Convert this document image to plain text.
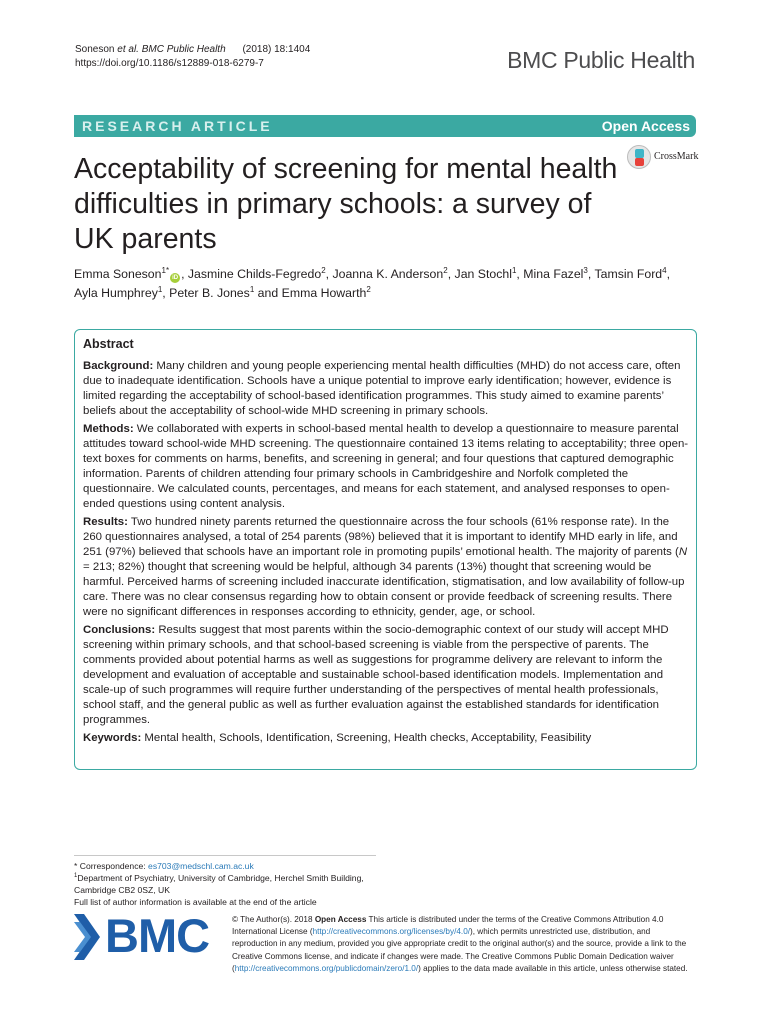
Soneson et al. BMC Public Health (2018) 18:1404
https://doi.org/10.1186/s12889-018-6279-7	BMC Public Health
RESEARCH ARTICLE	Open Access
Acceptability of screening for mental health difficulties in primary schools: a survey of UK parents
CrossMark
Emma Soneson$^{1*}$iD , Jasmine Childs-Fegredo$^2$, Joanna K. Anderson$^2$, Jan Stochl$^1$, Mina Fazel$^3$, Tamsin Ford$^4$, Ayla Humphrey$^1$, Peter B. Jones$^1$ and Emma Howarth$^2$
Abstract

Background: Many children and young people experiencing mental health difficulties (MHD) do not access care, often due to inadequate identification. Schools have a unique potential to improve early identification; however, evidence is limited regarding the acceptability of school-based identification programmes. This study aimed to examine parents’ beliefs about the acceptability of school-wide MHD screening in primary schools.

Methods: We collaborated with experts in school-based mental health to develop a questionnaire to measure parental attitudes toward school-wide MHD screening. The questionnaire contained 13 items relating to acceptability; three open-text boxes for comments on harms, benefits, and screening in general; and four questions that captured demographic information. Parents of children attending four primary schools in Cambridgeshire and Norfolk completed the questionnaire. We calculated counts, percentages, and means for each statement, and analysed responses to open-ended questions using content analysis.

Results: Two hundred ninety parents returned the questionnaire across the four schools (61% response rate). In the 260 questionnaires analysed, a total of 254 parents (98%) believed that it is important to identify MHD early in life, and 251 (97%) believed that schools have an important role in promoting pupils’ emotional health. The majority of parents (N = 213; 82%) thought that screening would be helpful, although 34 parents (13%) thought that screening would be harmful. Perceived harms of screening included inaccurate identification, stigmatisation, and low availability of follow-up care. There was no clear consensus regarding how to obtain consent or provide feedback of screening results. There were no significant differences in responses according to ethnicity, gender, age, or school.

Conclusions: Results suggest that most parents within the socio-demographic context of our study will accept MHD screening within primary schools, and that school-based screening is viable from the perspective of parents. The comments provided about potential harms as well as suggestions for programme delivery are relevant to inform the development and evaluation of acceptable and sustainable school-based identification models. Implementation and scale-up of such programmes will require further understanding of the perspectives of mental health professionals, school staff, and the general public as well as further evaluation against the established standards for identification programmes.

Keywords: Mental health, Schools, Identification, Screening, Health checks, Acceptability, Feasibility

* Correspondence: es703@medschl.cam.ac.uk
$^1$Department of Psychiatry, University of Cambridge, Herchel Smith Building, Cambridge CB2 0SZ, UK
Full list of author information is available at the end of the article
BMC	© The Author(s). 2018 Open Access This article is distributed under the terms of the Creative Commons Attribution 4.0 International License (http://creativecommons.org/licenses/by/4.0/), which permits unrestricted use, distribution, and reproduction in any medium, provided you give appropriate credit to the original author(s) and the source, provide a link to the Creative Commons license, and indicate if changes were made. The Creative Commons Public Domain Dedication waiver (http://creativecommons.org/publicdomain/zero/1.0/) applies to the data made available in this article, unless otherwise stated.
